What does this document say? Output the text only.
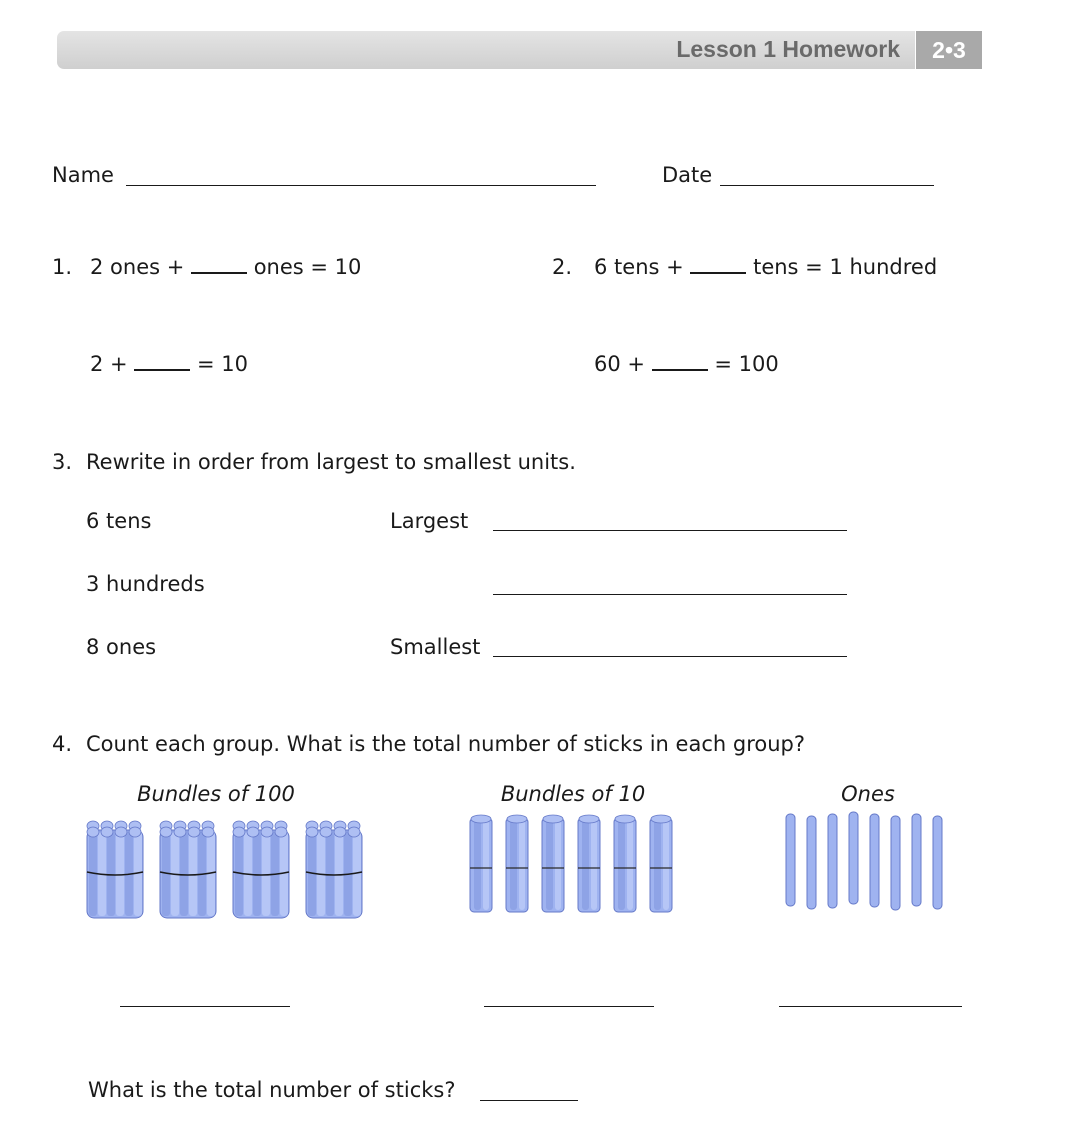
Lesson 1 Homework	2•3
Name	Date
1. 2 ones +	ones = 10
2 +	= 10
2. 6 tens +	tens = 1 hundred
60 +	= 100
3. Rewrite in order from largest to smallest units.
6 tens
3 hundreds
8 ones
Largest
Smallest
4. Count each group. What is the total number of sticks in each group?
Bundles of 100	Bundles of 10	Ones
What is the total number of sticks?
